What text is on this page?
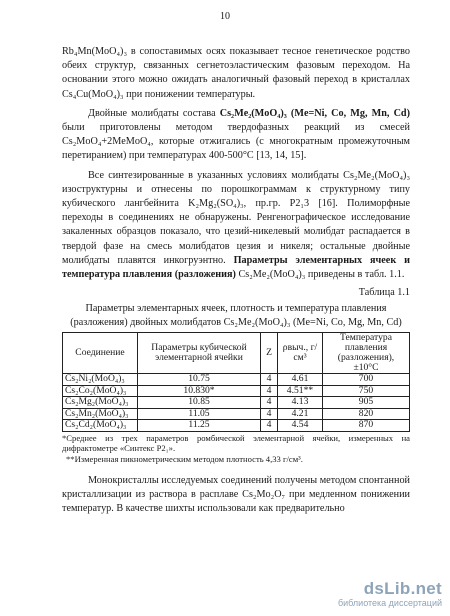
10

Rb₄Mn(MoO₄)₃ в сопоставимых осях показывает тесное генетическое родство обеих структур, связанных сегнетоэластическим фазовым переходом. На основании этого можно ожидать аналогичный фазовый переход в кристаллах Cs₄Cu(MoO₄)₃ при понижении температуры.

Двойные молибдаты состава Cs₂Me₂(MoO₄)₃ (Me=Ni, Co, Mg, Mn, Cd) были приготовлены методом твердофазных реакций из смесей Cs₂MoO₄+2MeMoO₄, которые отжигались (с многократным промежуточным перетиранием) при температурах 400-500°C [13, 14, 15].

Все синтезированные в указанных условиях молибдаты Cs₂Me₂(MoO₄)₃ изоструктурны и отнесены по порошкограммам к структурному типу кубического лангбейнита K₂Mg₂(SO₄)₃, пр.гр. P2₁3 [16]. Полиморфные переходы в соединениях не обнаружены. Ренгенографическое исследование закаленных образцов показало, что цезий-никелевый молибдат распадается в твердой фазе на смесь молибдатов цезия и никеля; остальные двойные молибдаты плавятся инкогруэнтно. Параметры элементарных ячеек и температура плавления (разложения) Cs₂Me₂(MoO₄)₃ приведены в табл. 1.1.

Таблица 1.1

Параметры элементарных ячеек, плотность и температура плавления (разложения) двойных молибдатов Cs₂Me₂(MoO₄)₃ (Me=Ni, Co, Mg, Mn, Cd)

Соединение	Параметры кубической элементарной ячейки	Z	ρвыч., г/см³	Температура плавления (разложения), ±10°C
Cs₂Ni₂(MoO₄)₃	10.75	4	4.61	700
Cs₂Co₂(MoO₄)₃	10.830*	4	4.51**	750
Cs₂Mg₂(MoO₄)₃	10.85	4	4.13	905
Cs₂Mn₂(MoO₄)₃	11.05	4	4.21	820
Cs₂Cd₂(MoO₄)₃	11.25	4	4.54	870

*Среднее из трех параметров ромбической элементарной ячейки, измеренных на дифрактометре «Синтекс P2₁».

**Измеренная пикнометрическим методом плотность 4,33 г/см³.

Монокристаллы исследуемых соединений получены методом спонтанной кристаллизации из раствора в расплаве Cs₂Mo₂O₇ при медленном понижении температур. В качестве шихты использовали как предварительно

dsLib.net
библиотека диссертаций
